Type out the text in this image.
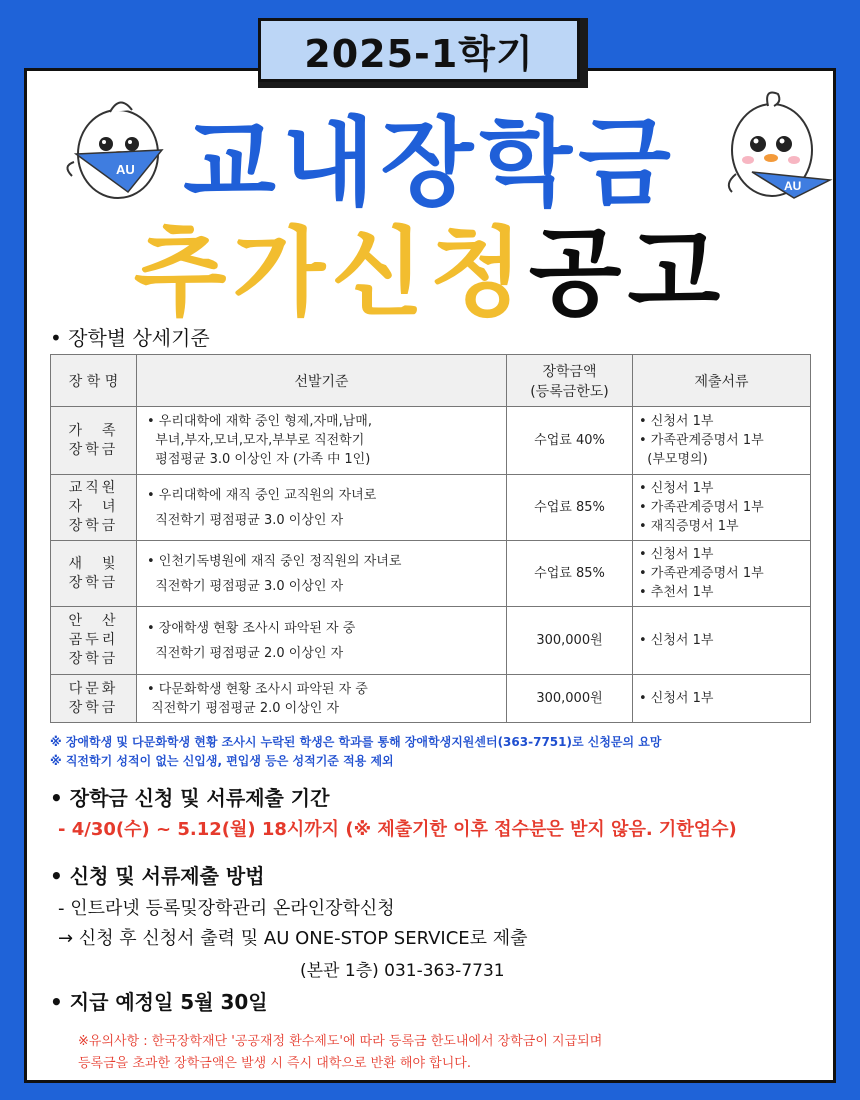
2025-1학기
AU
AU
교내장학금
추가신청공고
• 장학별 상세기준
장 학 명	선발기준	장학금액
(등록금한도)	제출서류

가　족
장학금	• 우리대학에 재학 중인 형제,자매,남매,
부녀,부자,모녀,모자,부부로 직전학기
평점평균 3.0 이상인 자 (가족 中 1인)	수업료 40%	• 신청서 1부
• 가족관계증명서 1부
(부모명의)

교직원
자　녀
장학금	• 우리대학에 재직 중인 교직원의 자녀로
직전학기 평점평균 3.0 이상인 자	수업료 85%	• 신청서 1부
• 가족관계증명서 1부
• 재직증명서 1부

새　빛
장학금	• 인천기독병원에 재직 중인 정직원의 자녀로
직전학기 평점평균 3.0 이상인 자	수업료 85%	• 신청서 1부
• 가족관계증명서 1부
• 추천서 1부

안　산
곰두리
장학금	• 장애학생 현황 조사시 파악된 자 중
직전학기 평점평균 2.0 이상인 자	300,000원	• 신청서 1부

다문화
장학금	• 다문화학생 현황 조사시 파악된 자 중
직전학기 평점평균 2.0 이상인 자	300,000원	• 신청서 1부
※ 장애학생 및 다문화학생 현황 조사시 누락된 학생은 학과를 통해 장애학생지원센터(363-7751)로 신청문의 요망
※ 직전학기 성적이 없는 신입생, 편입생 등은 성적기준 적용 제외
• 장학금 신청 및 서류제출 기간
- 4/30(수) ~ 5.12(월) 18시까지 (※ 제출기한 이후 접수분은 받지 않음. 기한엄수)
• 신청 및 서류제출 방법
- 인트라넷 등록및장학관리 온라인장학신청
→ 신청 후 신청서 출력 및 AU ONE-STOP SERVICE로 제출
(본관 1층) 031-363-7731
• 지급 예정일 5월 30일
※유의사항 : 한국장학재단 '공공재정 환수제도'에 따라 등록금 한도내에서 장학금이 지급되며
등록금을 초과한 장학금액은 발생 시 즉시 대학으로 반환 해야 합니다.
